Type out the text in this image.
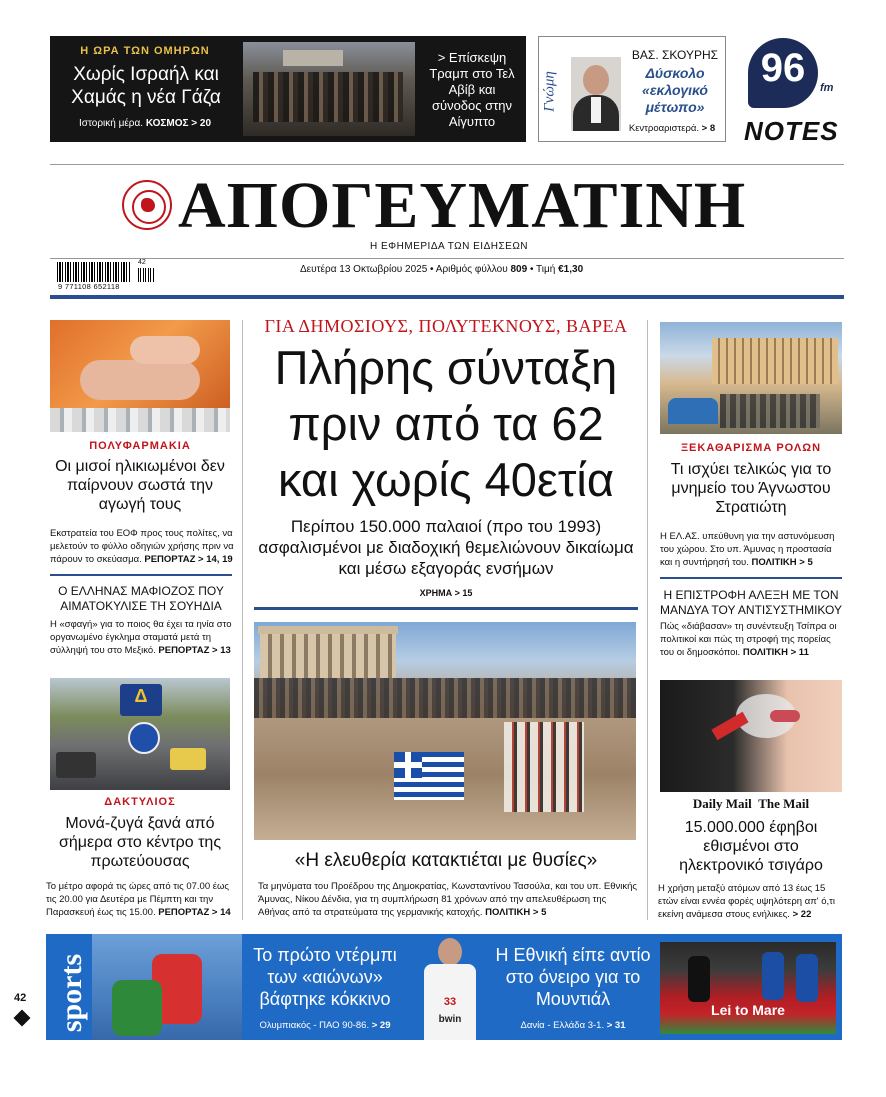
Η ΩΡΑ ΤΩΝ ΟΜΗΡΩΝ
Χωρίς Ισραήλ και Χαμάς η νέα Γάζα
Ιστορική μέρα. ΚΟΣΜΟΣ > 20
> Επίσκεψη Τραμπ στο Τελ Αβίβ και σύνοδος στην Αίγυπτο
Γνώμη
ΒΑΣ. ΣΚΟΥΡΗΣ
Δύσκολο «εκλογικό μέτωπο»
Κεντροαριστερά. > 8
96	fm
NOTES
ΑΠΟΓΕΥΜΑΤΙΝΗ
Η ΕΦΗΜΕΡΙΔΑ ΤΩΝ ΕΙΔΗΣΕΩΝ
42
9 771108 652118
Δευτέρα 13 Οκτωβρίου 2025 • Αριθμός φύλλου 809 • Τιμή €1,30
ΠΟΛΥΦΑΡΜΑΚΙΑ
Οι μισοί ηλικιωμένοι δεν παίρνουν σωστά την αγωγή τους
Εκστρατεία του ΕΟΦ προς τους πολίτες, να μελετούν το φύλλο οδηγιών χρήσης πριν να πάρουν το σκεύασμα. ΡΕΠΟΡΤΑΖ > 14, 19
Ο ΕΛΛΗΝΑΣ ΜΑΦΙΟΖΟΣ ΠΟΥ ΑΙΜΑΤΟΚΥΛΙΣΕ ΤΗ ΣΟΥΗΔΙΑ
Η «σφαγή» για το ποιος θα έχει τα ηνία στο οργανωμένο έγκλημα σταματά μετά τη σύλληψή του στο Μεξικό. ΡΕΠΟΡΤΑΖ > 13
Δ
ΔΑΚΤΥΛΙΟΣ
Μονά-ζυγά ξανά από σήμερα στο κέντρο της πρωτεύουσας
Το μέτρο αφορά τις ώρες από τις 07.00 έως τις 20.00 για Δευτέρα με Πέμπτη και την Παρασκευή έως τις 15.00. ΡΕΠΟΡΤΑΖ > 14
ΓΙΑ ΔΗΜΟΣΙΟΥΣ, ΠΟΛΥΤΕΚΝΟΥΣ, ΒΑΡΕΑ
Πλήρης σύνταξη πριν από τα 62 και χωρίς 40ετία
Περίπου 150.000 παλαιοί (προ του 1993) ασφαλισμένοι με διαδοχική θεμελιώνουν δικαίωμα και μέσω εξαγοράς ενσήμων
ΧΡΗΜΑ > 15
«Η ελευθερία κατακτιέται με θυσίες»
Τα μηνύματα του Προέδρου της Δημοκρατίας, Κωνσταντίνου Τασούλα, και του υπ. Εθνικής Άμυνας, Νίκου Δένδια, για τη συμπλήρωση 81 χρόνων από την απελευθέρωση της Αθήνας από τα στρατεύματα της γερμανικής κατοχής. ΠΟΛΙΤΙΚΗ > 5
ΞΕΚΑΘΑΡΙΣΜΑ ΡΟΛΩΝ
Τι ισχύει τελικώς για το μνημείο του Άγνωστου Στρατιώτη
Η ΕΛ.ΑΣ. υπεύθυνη για την αστυνόμευση του χώρου. Στο υπ. Άμυνας η προστασία και η συντήρησή του. ΠΟΛΙΤΙΚΗ > 5
Η ΕΠΙΣΤΡΟΦΗ ΑΛΕΞΗ ΜΕ ΤΟΝ ΜΑΝΔΥΑ ΤΟΥ ΑΝΤΙΣΥΣΤΗΜΙΚΟΥ
Πώς «διάβασαν» τη συνέντευξη Τσίπρα οι πολιτικοί και πώς τη στροφή της πορείας του οι δημοσκόποι. ΠΟΛΙΤΙΚΗ > 11
Daily Mail The Mail
15.000.000 έφηβοι εθισμένοι στο ηλεκτρονικό τσιγάρο
Η χρήση μεταξύ ατόμων από 13 έως 15 ετών είναι εννέα φορές υψηλότερη απ' ό,τι εκείνη ανάμεσα στους ενήλικες. > 22
sports	Το πρώτο ντέρμπι των «αιώνων» βάφτηκε κόκκινο
Ολυμπιακός - ΠΑΟ 90-86. > 29
33
bwin
Η Εθνική είπε αντίο στο όνειρο για το Μουντιάλ
Δανία - Ελλάδα 3-1. > 31
Lei to Mare
42
